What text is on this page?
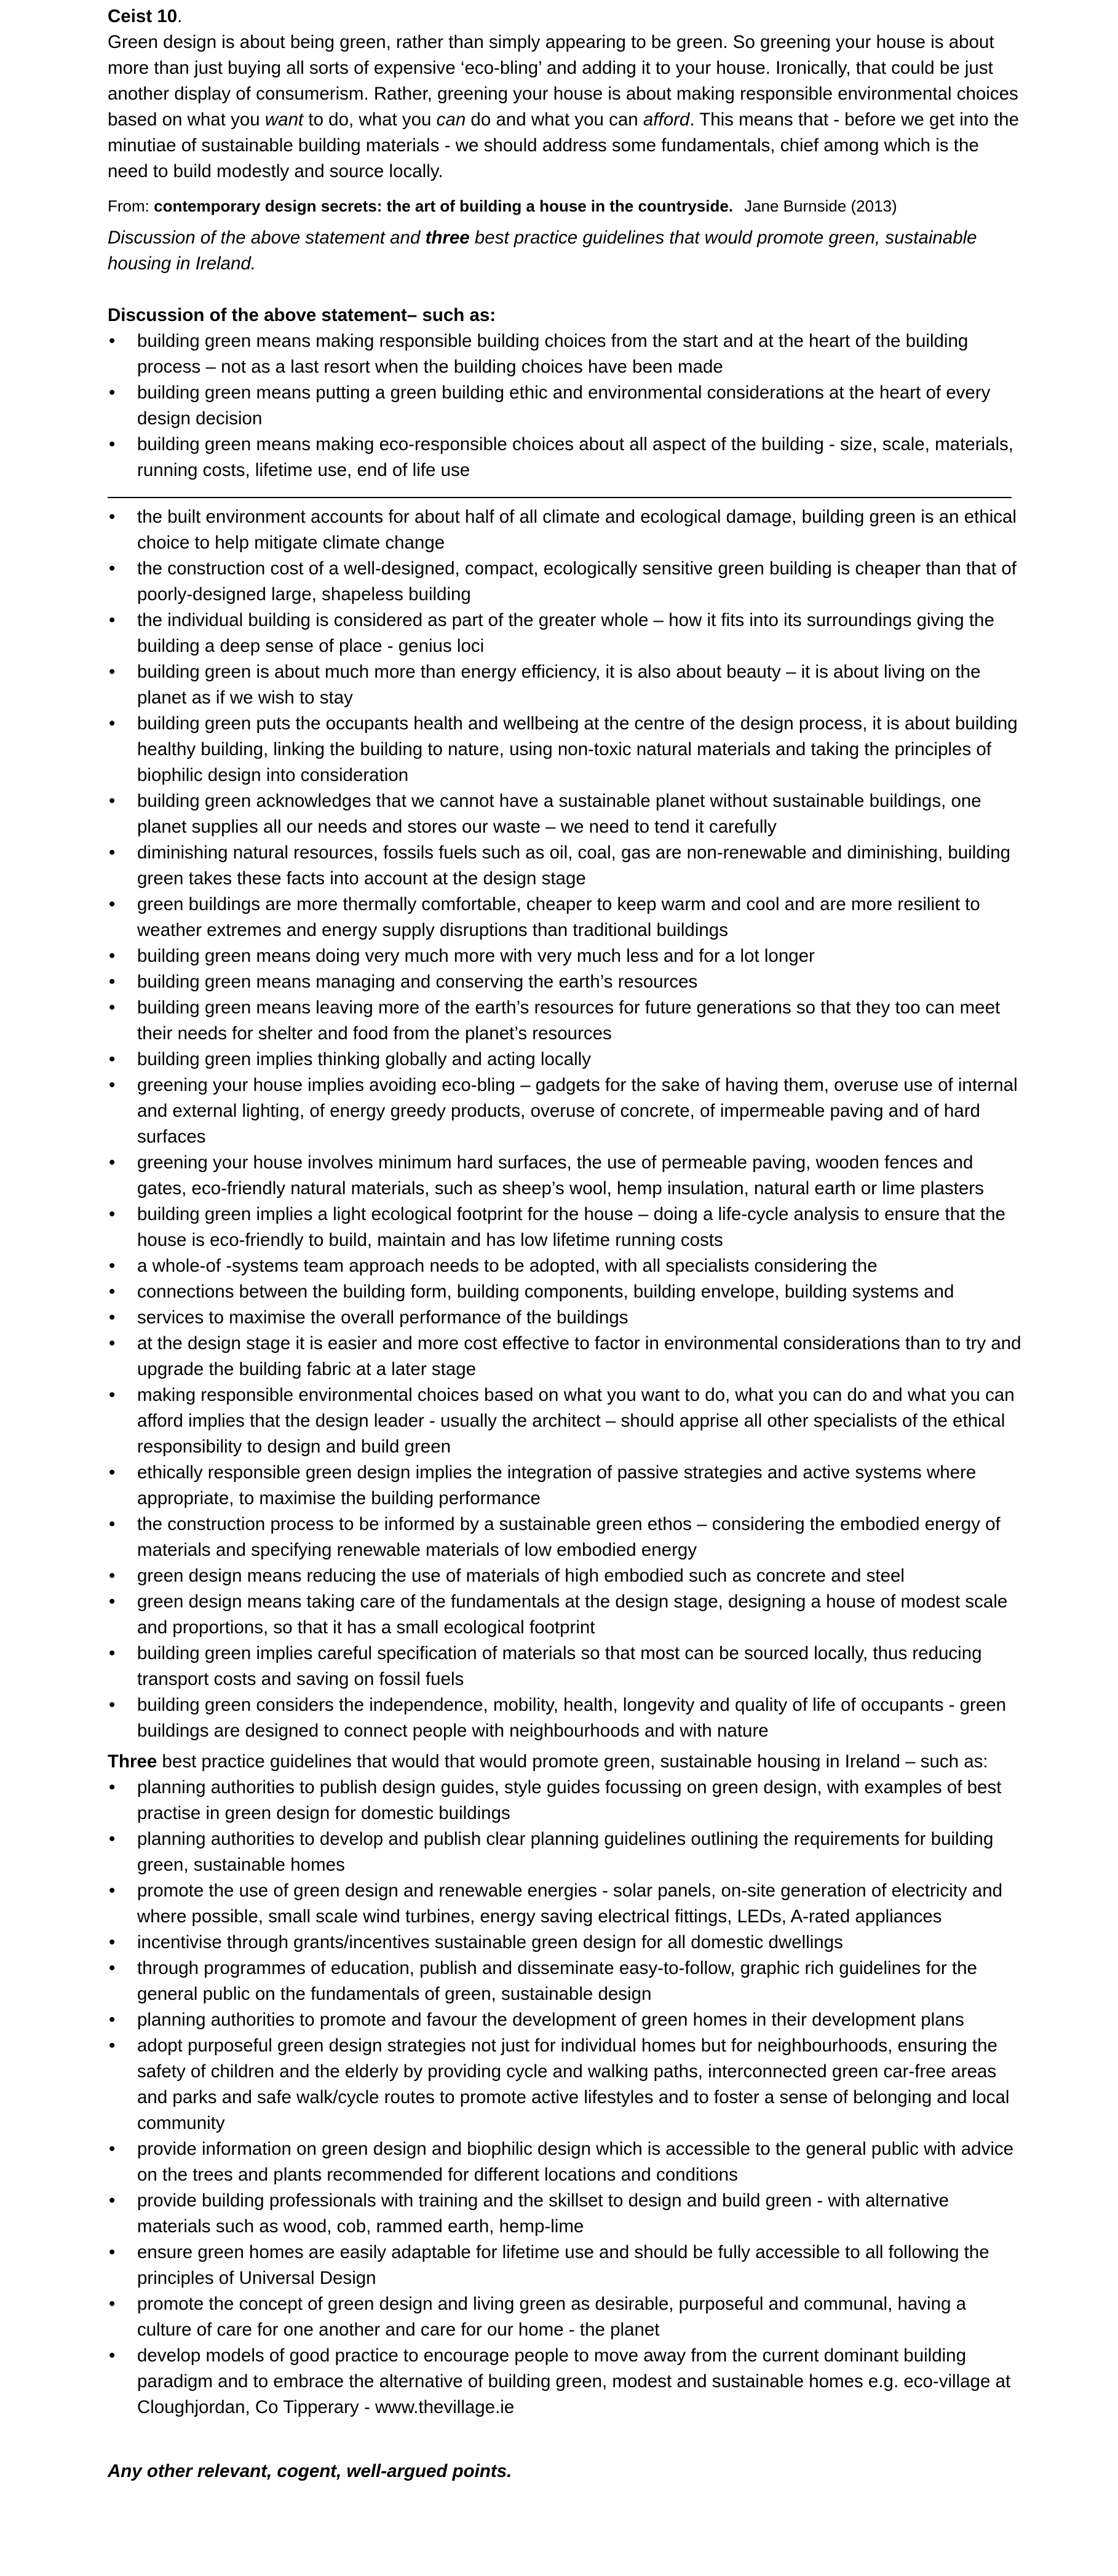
Ceist 10.

Green design is about being green, rather than simply appearing to be green. So greening your house is about more than just buying all sorts of expensive ‘eco-bling’ and adding it to your house. Ironically, that could be just another display of consumerism. Rather, greening your house is about making responsible environmental choices based on what you want to do, what you can do and what you can afford. This means that - before we get into the minutiae of sustainable building materials - we should address some fundamentals, chief among which is the need to build modestly and source locally.

From: contemporary design secrets: the art of building a house in the countryside. Jane Burnside (2013)

Discussion of the above statement and three best practice guidelines that would promote green, sustainable housing in Ireland.

Discussion of the above statement– such as:

• building green means making responsible building choices from the start and at the heart of the building process – not as a last resort when the building choices have been made
• building green means putting a green building ethic and environmental considerations at the heart of every design decision
• building green means making eco-responsible choices about all aspect of the building - size, scale, materials, running costs, lifetime use, end of life use
• the built environment accounts for about half of all climate and ecological damage, building green is an ethical choice to help mitigate climate change
• the construction cost of a well-designed, compact, ecologically sensitive green building is cheaper than that of poorly-designed large, shapeless building
• the individual building is considered as part of the greater whole – how it fits into its surroundings giving the building a deep sense of place - genius loci
• building green is about much more than energy efficiency, it is also about beauty – it is about living on the planet as if we wish to stay
• building green puts the occupants health and wellbeing at the centre of the design process, it is about building healthy building, linking the building to nature, using non-toxic natural materials and taking the principles of biophilic design into consideration
• building green acknowledges that we cannot have a sustainable planet without sustainable buildings, one planet supplies all our needs and stores our waste – we need to tend it carefully
• diminishing natural resources, fossils fuels such as oil, coal, gas are non-renewable and diminishing, building green takes these facts into account at the design stage
• green buildings are more thermally comfortable, cheaper to keep warm and cool and are more resilient to weather extremes and energy supply disruptions than traditional buildings
• building green means doing very much more with very much less and for a lot longer
• building green means managing and conserving the earth’s resources
• building green means leaving more of the earth’s resources for future generations so that they too can meet their needs for shelter and food from the planet’s resources
• building green implies thinking globally and acting locally
• greening your house implies avoiding eco-bling – gadgets for the sake of having them, overuse use of internal and external lighting, of energy greedy products, overuse of concrete, of impermeable paving and of hard surfaces
• greening your house involves minimum hard surfaces, the use of permeable paving, wooden fences and gates, eco-friendly natural materials, such as sheep’s wool, hemp insulation, natural earth or lime plasters
• building green implies a light ecological footprint for the house – doing a life-cycle analysis to ensure that the house is eco-friendly to build, maintain and has low lifetime running costs
• a whole-of -systems team approach needs to be adopted, with all specialists considering the
• connections between the building form, building components, building envelope, building systems and
• services to maximise the overall performance of the buildings
• at the design stage it is easier and more cost effective to factor in environmental considerations than to try and upgrade the building fabric at a later stage
• making responsible environmental choices based on what you want to do, what you can do and what you can afford implies that the design leader - usually the architect – should apprise all other specialists of the ethical responsibility to design and build green
• ethically responsible green design implies the integration of passive strategies and active systems where appropriate, to maximise the building performance
• the construction process to be informed by a sustainable green ethos – considering the embodied energy of materials and specifying renewable materials of low embodied energy
• green design means reducing the use of materials of high embodied such as concrete and steel
• green design means taking care of the fundamentals at the design stage, designing a house of modest scale and proportions, so that it has a small ecological footprint
• building green implies careful specification of materials so that most can be sourced locally, thus reducing transport costs and saving on fossil fuels
• building green considers the independence, mobility, health, longevity and quality of life of occupants - green buildings are designed to connect people with neighbourhoods and with nature

Three best practice guidelines that would that would promote green, sustainable housing in Ireland – such as:

• planning authorities to publish design guides, style guides focussing on green design, with examples of best practise in green design for domestic buildings
• planning authorities to develop and publish clear planning guidelines outlining the requirements for building green, sustainable homes
• promote the use of green design and renewable energies - solar panels, on-site generation of electricity and where possible, small scale wind turbines, energy saving electrical fittings, LEDs, A-rated appliances
• incentivise through grants/incentives sustainable green design for all domestic dwellings
• through programmes of education, publish and disseminate easy-to-follow, graphic rich guidelines for the general public on the fundamentals of green, sustainable design
• planning authorities to promote and favour the development of green homes in their development plans
• adopt purposeful green design strategies not just for individual homes but for neighbourhoods, ensuring the safety of children and the elderly by providing cycle and walking paths, interconnected green car-free areas and parks and safe walk/cycle routes to promote active lifestyles and to foster a sense of belonging and local community
• provide information on green design and biophilic design which is accessible to the general public with advice on the trees and plants recommended for different locations and conditions
• provide building professionals with training and the skillset to design and build green - with alternative materials such as wood, cob, rammed earth, hemp-lime
• ensure green homes are easily adaptable for lifetime use and should be fully accessible to all following the principles of Universal Design
• promote the concept of green design and living green as desirable, purposeful and communal, having a culture of care for one another and care for our home - the planet
• develop models of good practice to encourage people to move away from the current dominant building paradigm and to embrace the alternative of building green, modest and sustainable homes e.g. eco-village at Cloughjordan, Co Tipperary - www.thevillage.ie

Any other relevant, cogent, well-argued points.
